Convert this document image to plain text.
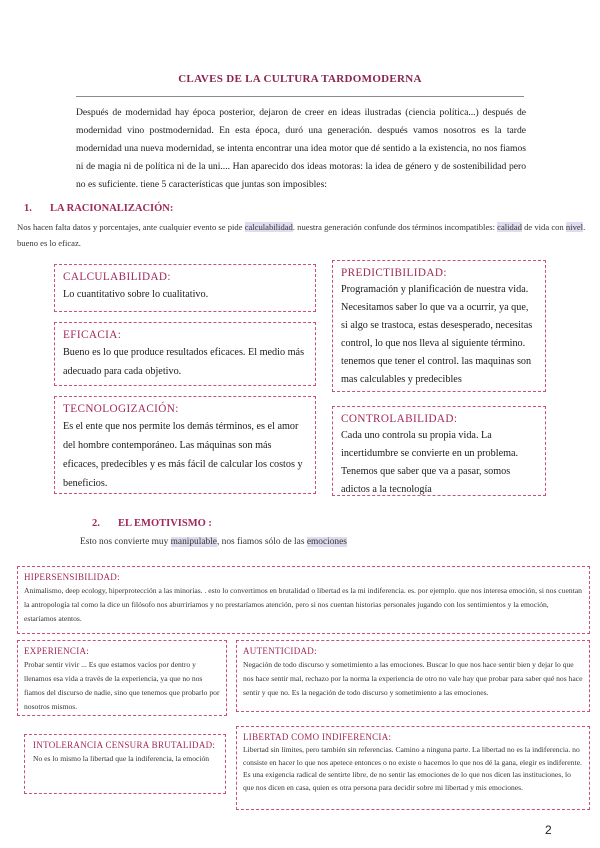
CLAVES DE LA CULTURA TARDOMODERNA
Después de modernidad hay época posterior, dejaron de creer en ideas ilustradas (ciencia política...) después de modernidad vino postmodernidad. En esta época, duró una generación. después vamos nosotros es la tarde modernidad una nueva modernidad, se intenta encontrar una idea motor que dé sentido a la existencia, no nos fiamos ni de magia ni de política ni de la uni.... Han aparecido dos ideas motoras: la idea de género y de sostenibilidad pero no es suficiente. tiene 5 características que juntas son imposibles:
1. LA RACIONALIZACIÓN:
Nos hacen falta datos y porcentajes, ante cualquier evento se pide calculabilidad. nuestra generación confunde dos términos incompatibles: calidad de vida con nivel. bueno es lo eficaz.
CALCULABILIDAD:
Lo cuantitativo sobre lo cualitativo.
EFICACIA:
Bueno es lo que produce resultados eficaces. El medio más adecuado para cada objetivo.
TECNOLOGIZACIÓN:
Es el ente que nos permite los demás términos, es el amor del hombre contemporáneo. Las máquinas son más eficaces, predecibles y es más fácil de calcular los costos y beneficios.
PREDICTIBILIDAD:
Programación y planificación de nuestra vida. Necesitamos saber lo que va a ocurrir, ya que, si algo se trastoca, estas desesperado, necesitas control, lo que nos lleva al siguiente término. tenemos que tener el control. las maquinas son mas calculables y predecibles
CONTROLABILIDAD:
Cada uno controla su propia vida. La incertidumbre se convierte en un problema. Tenemos que saber que va a pasar, somos adictos a la tecnología
2. EL EMOTIVISMO :
Esto nos convierte muy manipulable, nos fiamos sólo de las emociones
HIPERSENSIBILIDAD:
Animalismo, deep ecology, hiperprotección a las minorías. . esto lo convertimos en brutalidad o libertad es la mi indiferencia. es. por ejemplo. que nos interesa emoción, si nos cuentan la antropología tal como la dice un filósofo nos aburriríamos y no prestaríamos atención, pero si nos cuentan historias personales jugando con los sentimientos y la emoción, estaríamos atentos.
EXPERIENCIA:
Probar sentir vivir ... Es que estamos vacíos por dentro y llenamos esa vida a través de la experiencia, ya que no nos fiamos del discurso de nadie, sino que tenemos que probarlo por nosotros mismos.
AUTENTICIDAD:
Negación de todo discurso y sometimiento a las emociones. Buscar lo que nos hace sentir bien y dejar lo que nos hace sentir mal, rechazo por la norma la experiencia de otro no vale hay que probar para saber qué nos hace sentir y que no. Es la negación de todo discurso y sometimiento a las emociones.
INTOLERANCIA CENSURA BRUTALIDAD:
No es lo mismo la libertad que la indiferencia, la emoción
LIBERTAD COMO INDIFERENCIA:
Libertad sin límites, pero también sin referencias. Camino a ninguna parte. La libertad no es la indiferencia. no consiste en hacer lo que nos apetece entonces o no existe o hacemos lo que nos dé la gana, elegir es indiferente. Es una exigencia radical de sentirte libre, de no sentir las emociones de lo que nos dicen las instituciones, lo que nos dicen en casa, quien es otra persona para decidir sobre mi libertad y mis emociones.
2
